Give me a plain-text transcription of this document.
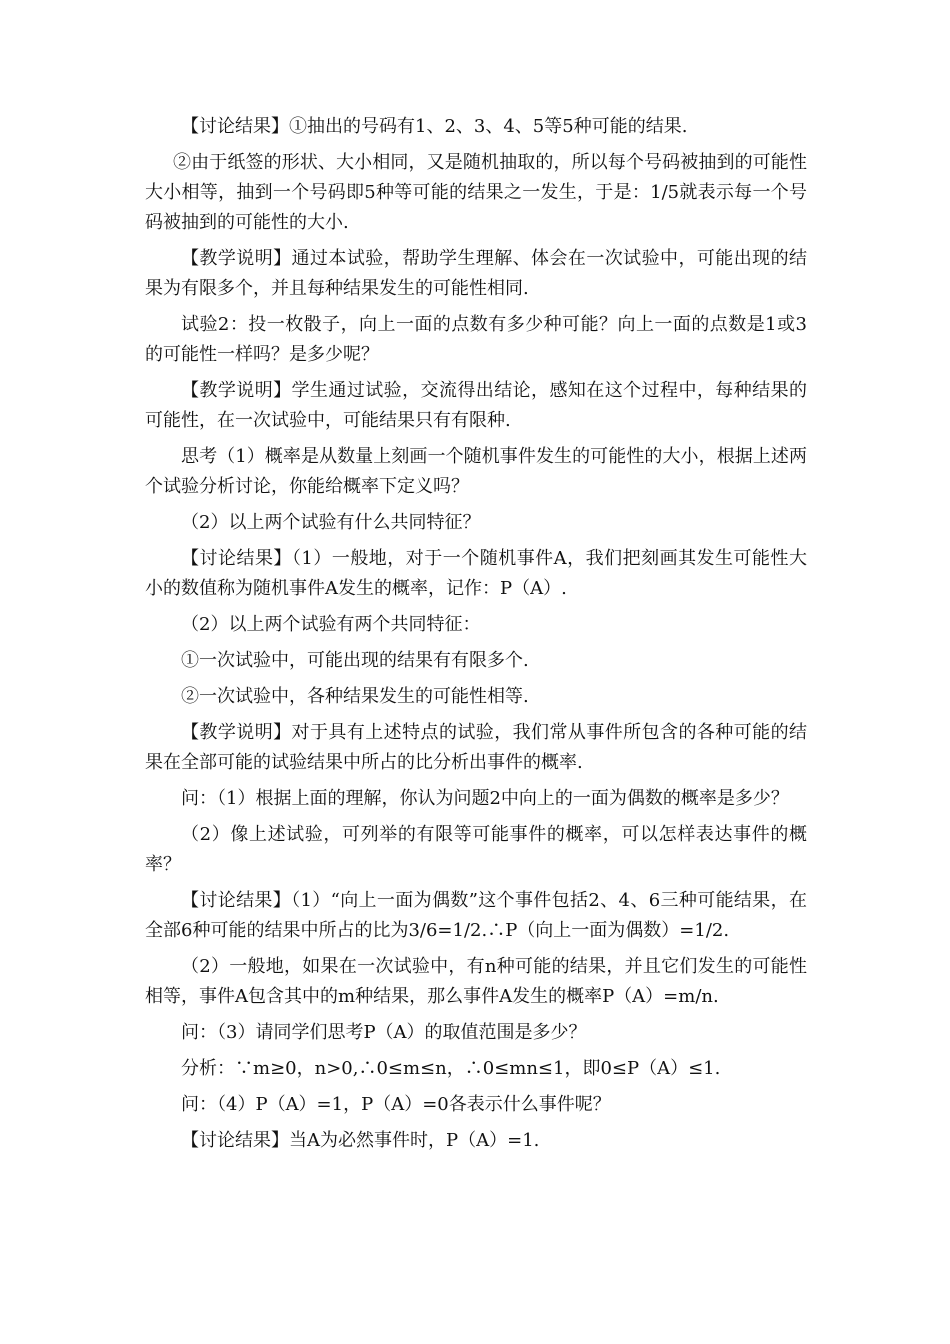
【讨论结果】①抽出的号码有1、2、3、4、5等5种可能的结果.

②由于纸签的形状、大小相同，又是随机抽取的，所以每个号码被抽到的可能性大小相等，抽到一个号码即5种等可能的结果之一发生，于是：1/5就表示每一个号码被抽到的可能性的大小.

【教学说明】通过本试验，帮助学生理解、体会在一次试验中，可能出现的结果为有限多个，并且每种结果发生的可能性相同.

试验2：投一枚骰子，向上一面的点数有多少种可能？向上一面的点数是1或3的可能性一样吗？是多少呢？

【教学说明】学生通过试验，交流得出结论，感知在这个过程中，每种结果的可能性，在一次试验中，可能结果只有有限种.

思考（1）概率是从数量上刻画一个随机事件发生的可能性的大小，根据上述两个试验分析讨论，你能给概率下定义吗？

（2）以上两个试验有什么共同特征？

【讨论结果】（1）一般地，对于一个随机事件A，我们把刻画其发生可能性大小的数值称为随机事件A发生的概率，记作：P（A）.

（2）以上两个试验有两个共同特征：

①一次试验中，可能出现的结果有有限多个.

②一次试验中，各种结果发生的可能性相等.

【教学说明】对于具有上述特点的试验，我们常从事件所包含的各种可能的结果在全部可能的试验结果中所占的比分析出事件的概率.

问：（1）根据上面的理解，你认为问题2中向上的一面为偶数的概率是多少？

（2）像上述试验，可列举的有限等可能事件的概率，可以怎样表达事件的概率？

【讨论结果】（1）“向上一面为偶数”这个事件包括2、4、6三种可能结果，在全部6种可能的结果中所占的比为3/6=1/2.∴P（向上一面为偶数）=1/2.

（2）一般地，如果在一次试验中，有n种可能的结果，并且它们发生的可能性相等，事件A包含其中的m种结果，那么事件A发生的概率P（A）=m/n.

问：（3）请同学们思考P（A）的取值范围是多少？

分析：∵m≥0，n>0,∴0≤m≤n，∴0≤mn≤1，即0≤P（A）≤1.

问：（4）P（A）=1，P（A）=0各表示什么事件呢？

【讨论结果】当A为必然事件时，P（A）=1.
